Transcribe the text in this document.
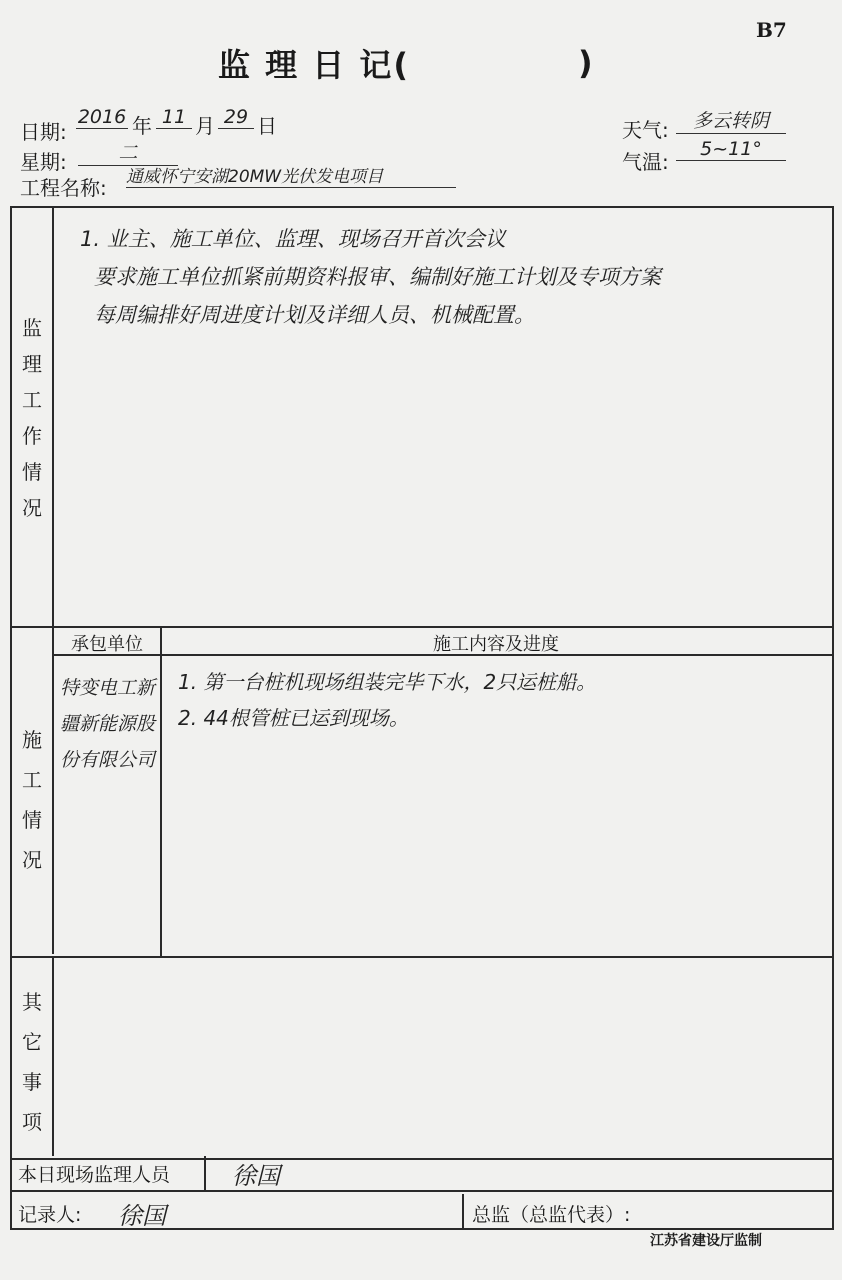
B7
监 理 日 记(	)
日期:
2016 年 11 月 29 日
星期:	二
工程名称: 通威怀宁安湖20MW光伏发电项目
天气:	多云转阴
气温:
5~11°
监理工作情况
1. 业主、施工单位、监理、现场召开首次会议
要求施工单位抓紧前期资料报审、编制好施工计划及专项方案
每周编排好周进度计划及详细人员、机械配置。
施工情况
承包单位	施工内容及进度
特变电工新疆新能源股份有限公司
1. 第一台桩机现场组装完毕下水，2只运桩船。
2. 44根管桩已运到现场。
其它事项
本日现场监理人员	徐国
记录人: 徐国	总监（总监代表）:
江苏省建设厅监制
